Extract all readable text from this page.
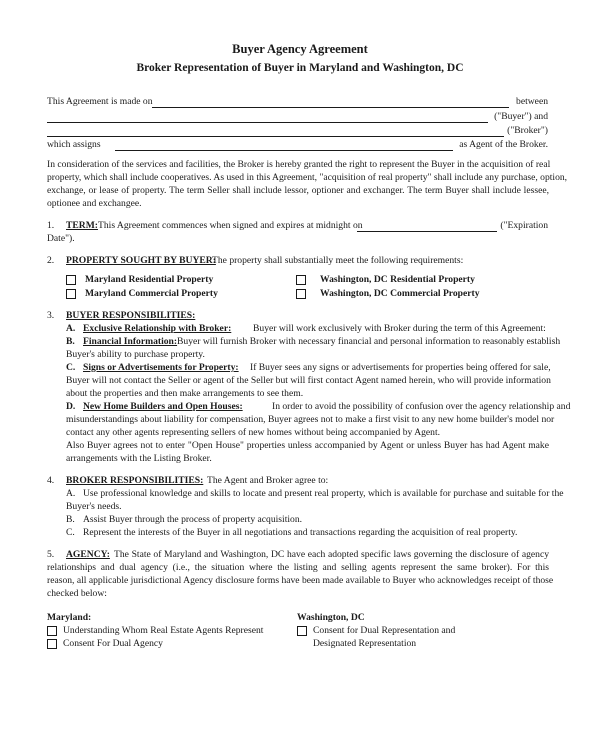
Buyer Agency Agreement
Broker Representation of Buyer in Maryland and Washington, DC
This Agreement is made on	between
("Buyer") and
("Broker")
which assigns	as Agent of the Broker.
In consideration of the services and facilities, the Broker is hereby granted the right to represent the Buyer in the acquisition of real
property, which shall include cooperatives. As used in this Agreement, "acquisition of real property" shall include any purchase, option,
exchange, or lease of property. The term Seller shall include lessor, optioner and exchanger. The term Buyer shall include lessee,
optionee and exchangee.
1. TERM: This Agreement commences when signed and expires at midnight on	("Expiration
Date").
2. PROPERTY SOUGHT BY BUYER:
The property shall substantially meet the following requirements:
Maryland Residential Property
Maryland Commercial Property
Washington, DC Residential Property
Washington, DC Commercial Property
3. BUYER RESPONSIBILITIES:
A. Exclusive Relationship with Broker: Buyer will work exclusively with Broker during the term of this Agreement:
B. Financial Information: Buyer will furnish Broker with necessary financial and personal information to reasonably establish
Buyer's ability to purchase property.
C. Signs or Advertisements for Property: If Buyer sees any signs or advertisements for properties being offered for sale,
Buyer will not contact the Seller or agent of the Seller but will first contact Agent named herein, who will provide information
about the properties and then make arrangements to see them.
D. New Home Builders and Open Houses:	In order to avoid the possibility of confusion over the agency relationship and
misunderstandings about liability for compensation, Buyer agrees not to make a first visit to any new home builder's model nor
contact any other agents representing sellers of new homes without being accompanied by Agent.
Also Buyer agrees not to enter "Open House" properties unless accompanied by Agent or unless Buyer has had Agent make
arrangements with the Listing Broker.
4. BROKER RESPONSIBILITIES: The Agent and Broker agree to:
A. Use professional knowledge and skills to locate and present real property, which is available for purchase and suitable for the
Buyer's needs.
B. Assist Buyer through the process of property acquisition.
C. Represent the interests of the Buyer in all negotiations and transactions regarding the acquisition of real property.
5. AGENCY: The State of Maryland and Washington, DC have each adopted specific laws governing the disclosure of agency
relationships and dual agency (i.e., the situation where the listing and selling agents represent the same broker). For this
reason, all applicable jurisdictional Agency disclosure forms have been made available to Buyer who acknowledges receipt of those
checked below:
Maryland:
Understanding Whom Real Estate Agents Represent
Consent For Dual Agency
Washington, DC
Consent for Dual Representation and
Designated Representation
